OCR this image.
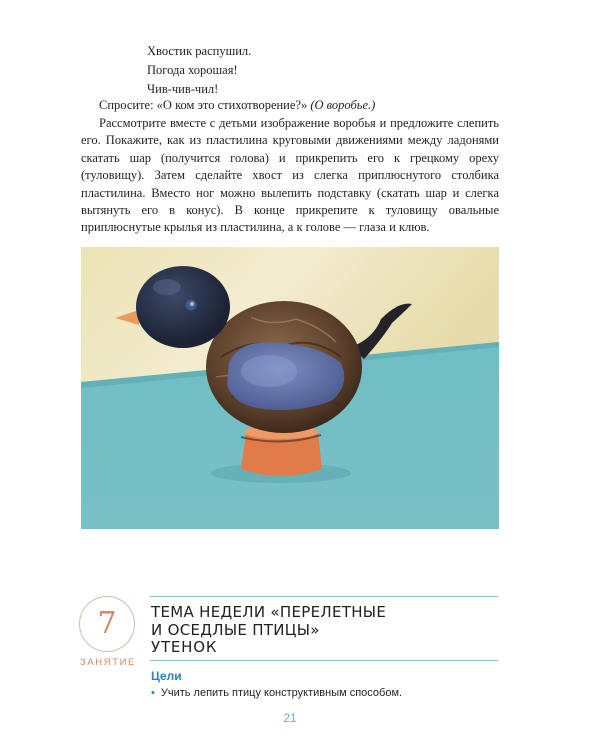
Хвостик распушил.
Погода хорошая!
Чив-чив-чил!

Спросите: «О ком это стихотворение?» (О воробье.)

Рассмотрите вместе с детьми изображение воробья и предложите слепить его. Покажите, как из пластилина круговыми движениями между ладонями скатать шар (получится голова) и прикрепить его к грецкому ореху (туловищу). Затем сделайте хвост из слегка приплюснутого столбика пластилина. Вместо ног можно вылепить подставку (скатать шар и слегка вытянуть его в конус). В конце прикрепите к туловищу овальные приплюснутые крылья из пластилина, а к голове — глаза и клюв.

7
ЗАНЯТИЕ
ТЕМА НЕДЕЛИ «ПЕРЕЛЕТНЫЕ
И ОСЕДЛЫЕ ПТИЦЫ»
УТЕНОК
Цели
• Учить лепить птицу конструктивным способом.
21
